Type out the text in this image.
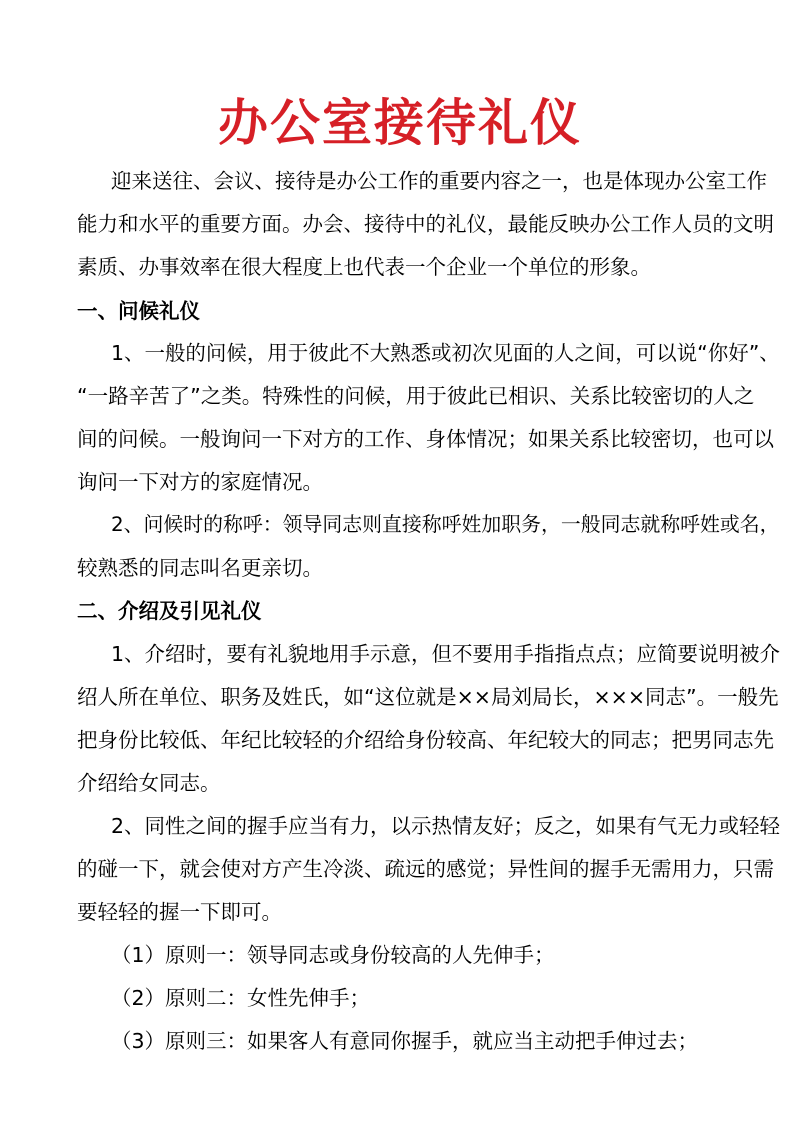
办公室接待礼仪
迎来送往、会议、接待是办公工作的重要内容之一，也是体现办公室工作
能力和水平的重要方面。办会、接待中的礼仪，最能反映办公工作人员的文明
素质、办事效率在很大程度上也代表一个企业一个单位的形象。
一、问候礼仪
1、一般的问候，用于彼此不大熟悉或初次见面的人之间，可以说“你好”、
“一路辛苦了”之类。特殊性的问候，用于彼此已相识、关系比较密切的人之
间的问候。一般询问一下对方的工作、身体情况；如果关系比较密切，也可以
询问一下对方的家庭情况。
2、问候时的称呼：领导同志则直接称呼姓加职务，一般同志就称呼姓或名，
较熟悉的同志叫名更亲切。
二、介绍及引见礼仪
1、介绍时，要有礼貌地用手示意，但不要用手指指点点；应简要说明被介
绍人所在单位、职务及姓氏，如“这位就是××局刘局长，×××同志”。一般先
把身份比较低、年纪比较轻的介绍给身份较高、年纪较大的同志；把男同志先
介绍给女同志。
2、同性之间的握手应当有力，以示热情友好；反之，如果有气无力或轻轻
的碰一下，就会使对方产生冷淡、疏远的感觉；异性间的握手无需用力，只需
要轻轻的握一下即可。
（1）原则一：领导同志或身份较高的人先伸手；
（2）原则二：女性先伸手；
（3）原则三：如果客人有意同你握手，就应当主动把手伸过去；
